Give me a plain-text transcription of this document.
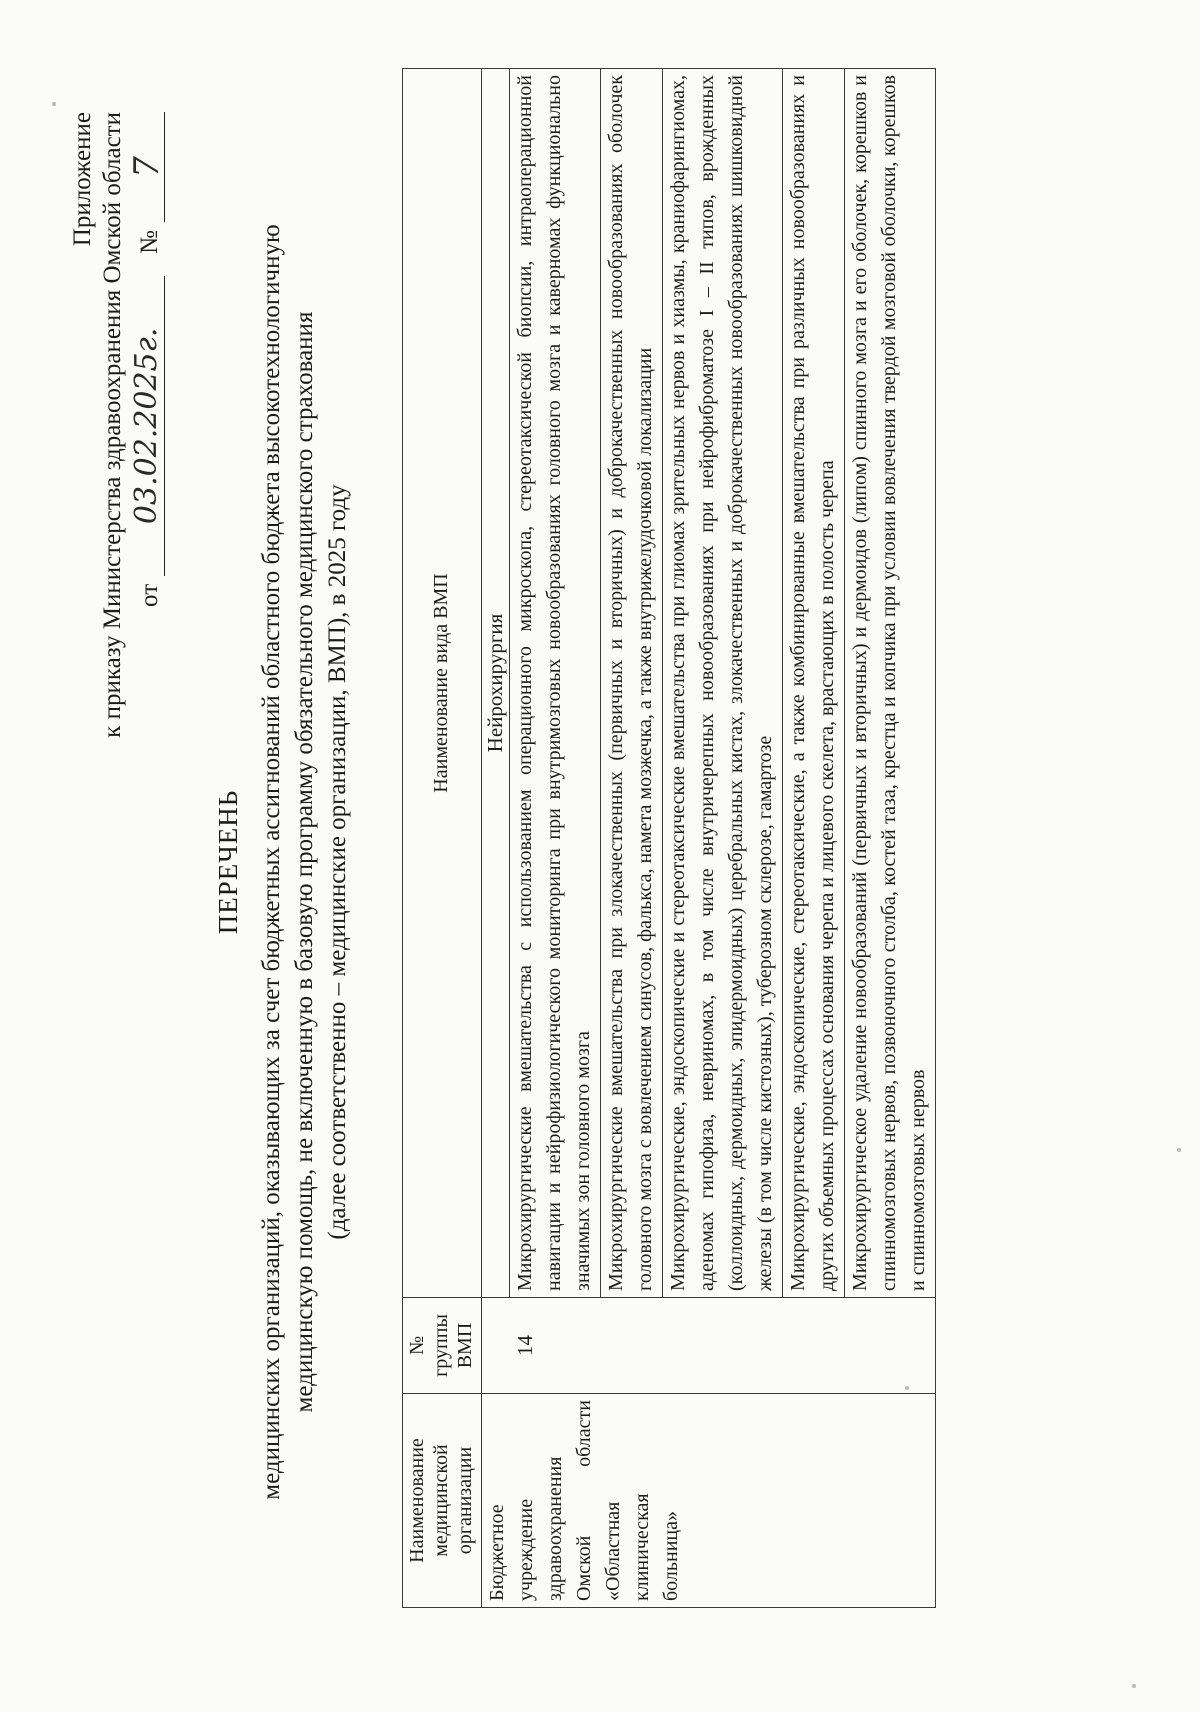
Приложение к приказу Министерства здравоохранения Омской области от
03.02.2025г.
№
7
ПЕРЕЧЕНЬ медицинских организаций, оказывающих за счет бюджетных ассигнований областного бюджета высокотехнологичную медицинскую помощь, не включенную в базовую программу обязательного медицинского страхования (далее соответственно – медицинские организации, ВМП), в 2025 году
Наименование медицинской организации	№ группы ВМП	Наименование вида ВМП
Бюджетное учреждение здравоохранения Омской области «Областная клиническая больница»		Нейрохирургия
	14	Микрохирургические вмешательства с использованием операционного микроскопа, стереотаксической биопсии, интраоперационной навигации и нейрофизиологического мониторинга при внутримозговых новообразованиях головного мозга и каверномах функционально значимых зон головного мозга
		Микрохирургические вмешательства при злокачественных (первичных и вторичных) и доброкачественных новообразованиях оболочек головного мозга с вовлечением синусов, фалькса, намета мозжечка, а также внутрижелудочковой локализации
		Микрохирургические, эндоскопические и стереотаксические вмешательства при глиомах зрительных нервов и хиазмы, краниофарингиомах, аденомах гипофиза, невриномах, в том числе внутричерепных новообразованиях при нейрофиброматозе I – II типов, врожденных (коллоидных, дермоидных, эпидермоидных) церебральных кистах, злокачественных и доброкачественных новообразованиях шишковидной железы (в том числе кистозных), туберозном склерозе, гамартозе
		Микрохирургические, эндоскопические, стереотаксические, а также комбинированные вмешательства при различных новообразованиях и других объемных процессах основания черепа и лицевого скелета, врастающих в полость черепа
		Микрохирургическое удаление новообразований (первичных и вторичных) и дермоидов (липом) спинного мозга и его оболочек, корешков и спинномозговых нервов, позвоночного столба, костей таза, крестца и копчика при условии вовлечения твердой мозговой оболочки, корешков и спинномозговых нервов
